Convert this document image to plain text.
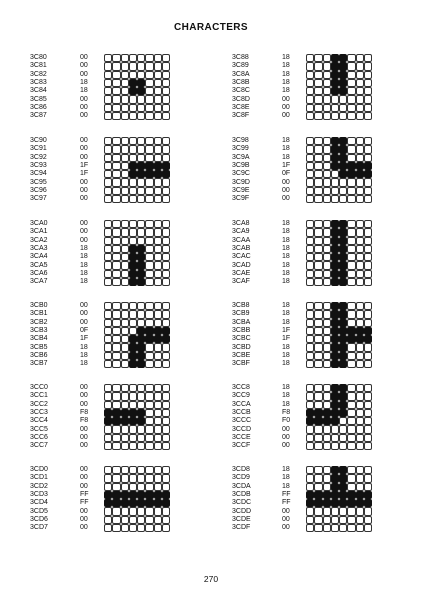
CHARACTERS
3C80	00
3C81	00
3C82	00
3C83	18
3C84	18
3C85	00
3C86	00
3C87	00
3C88	18
3C89	18
3C8A	18
3C8B	18
3C8C	18
3C8D	00
3C8E	00
3C8F	00
3C90	00
3C91	00
3C92	00
3C93	1F
3C94	1F
3C95	00
3C96	00
3C97	00
3C98	18
3C99	18
3C9A	18
3C9B	1F
3C9C	0F
3C9D	00
3C9E	00
3C9F	00
3CA0	00
3CA1	00
3CA2	00
3CA3	18
3CA4	18
3CA5	18
3CA6	18
3CA7	18
3CA8	18
3CA9	18
3CAA	18
3CAB	18
3CAC	18
3CAD	18
3CAE	18
3CAF	18
3CB0	00
3CB1	00
3CB2	00
3CB3	0F
3CB4	1F
3CB5	18
3CB6	18
3CB7	18
3CB8	18
3CB9	18
3CBA	18
3CBB	1F
3CBC	1F
3CBD	18
3CBE	18
3CBF	18
3CC0	00
3CC1	00
3CC2	00
3CC3	F8
3CC4	F8
3CC5	00
3CC6	00
3CC7	00
3CC8	18
3CC9	18
3CCA	18
3CCB	F8
3CCC	F0
3CCD	00
3CCE	00
3CCF	00
3CD0	00
3CD1	00
3CD2	00
3CD3	FF
3CD4	FF
3CD5	00
3CD6	00
3CD7	00
3CD8	18
3CD9	18
3CDA	18
3CDB	FF
3CDC	FF
3CDD	00
3CDE	00
3CDF	00
270
